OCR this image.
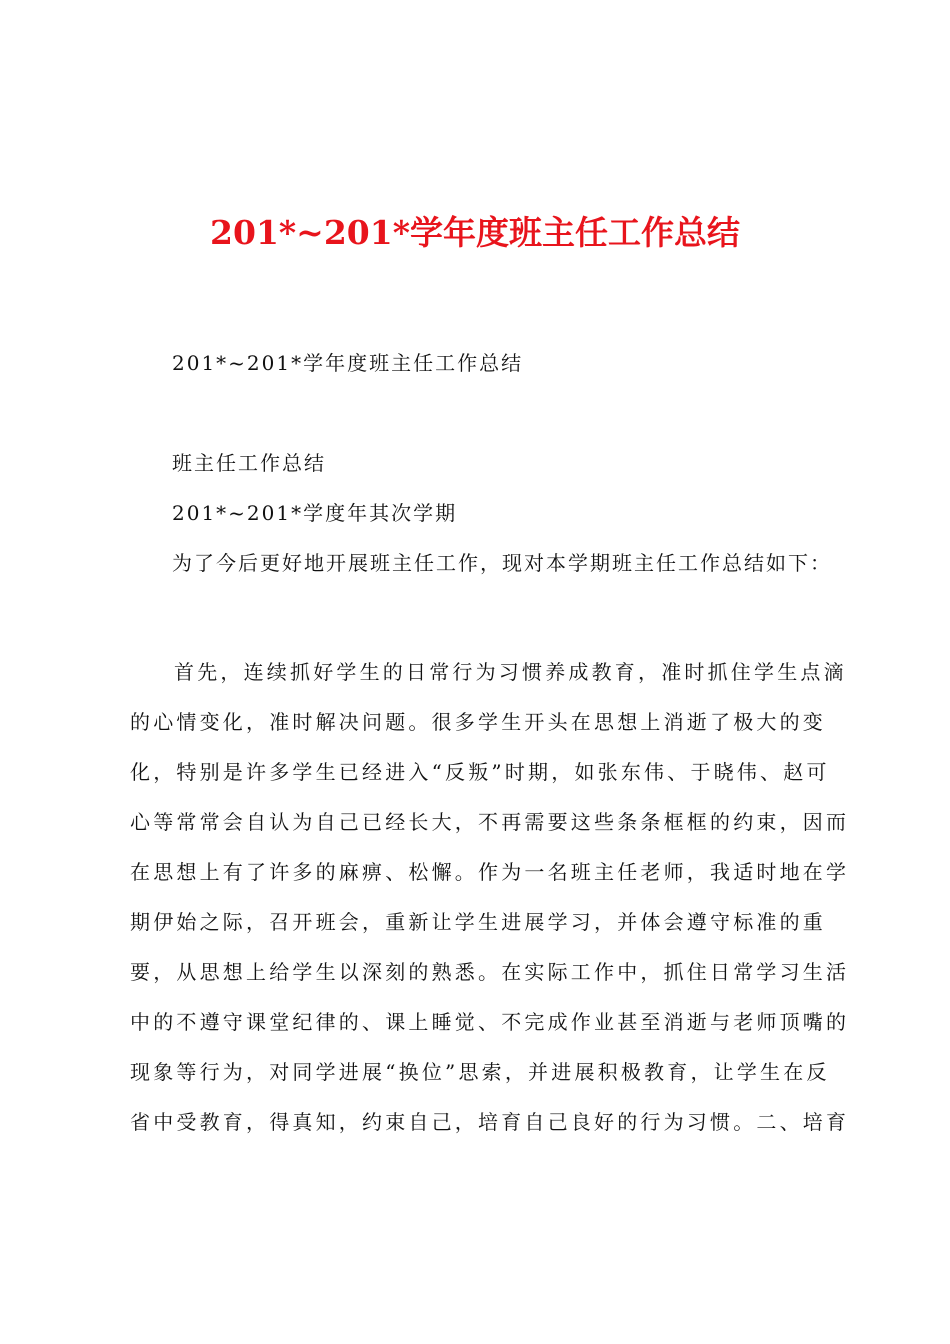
201*~201*学年度班主任工作总结
201*~201*学年度班主任工作总结
班主任工作总结
201*~201*学度年其次学期
为了今后更好地开展班主任工作，现对本学期班主任工作总结如下：
首先，连续抓好学生的日常行为习惯养成教育，准时抓住学生点滴
的心情变化，准时解决问题。很多学生开头在思想上消逝了极大的变
化，特别是许多学生已经进入“反叛”时期，如张东伟、于晓伟、赵可
心等常常会自认为自己已经长大，不再需要这些条条框框的约束，因而
在思想上有了许多的麻痹、松懈。作为一名班主任老师，我适时地在学
期伊始之际，召开班会，重新让学生进展学习，并体会遵守标准的重
要，从思想上给学生以深刻的熟悉。在实际工作中，抓住日常学习生活
中的不遵守课堂纪律的、课上睡觉、不完成作业甚至消逝与老师顶嘴的
现象等行为，对同学进展“换位”思索，并进展积极教育，让学生在反
省中受教育，得真知，约束自己，培育自己良好的行为习惯。二、培育
